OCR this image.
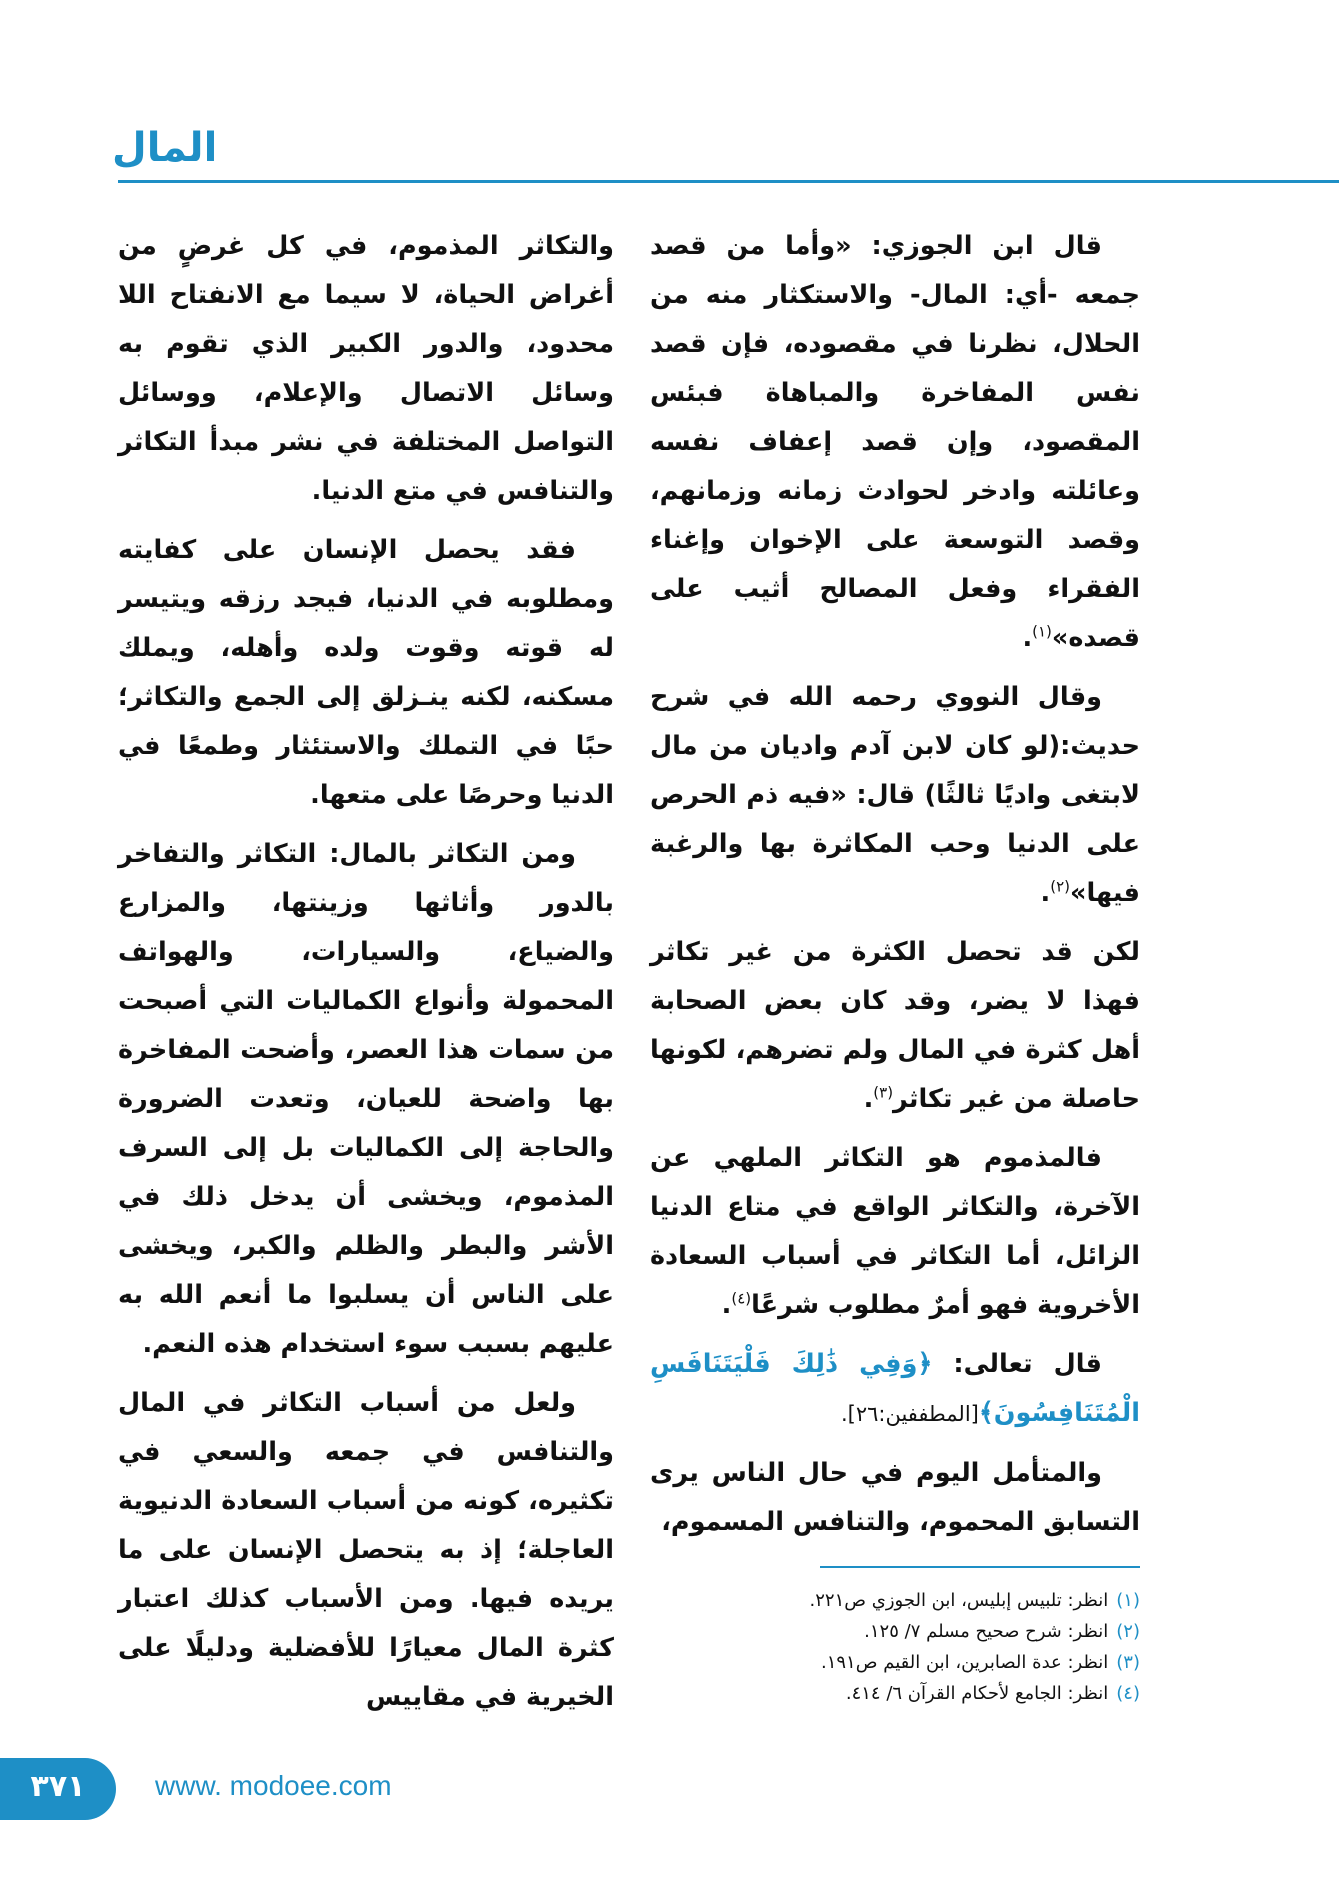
المال

قال ابن الجوزي: «وأما من قصد جمعه -أي: المال- والاستكثار منه من الحلال، نظرنا في مقصوده، فإن قصد نفس المفاخرة والمباهاة فبئس المقصود، وإن قصد إعفاف نفسه وعائلته وادخر لحوادث زمانه وزمانهم، وقصد التوسعة على الإخوان وإغناء الفقراء وفعل المصالح أثيب على قصده»$^{(١)}$.

وقال النووي رحمه الله في شرح حديث:(لو كان لابن آدم واديان من مال لابتغى واديًا ثالثًا) قال: «فيه ذم الحرص على الدنيا وحب المكاثرة بها والرغبة فيها»$^{(٢)}$.

لكن قد تحصل الكثرة من غير تكاثر فهذا لا يضر، وقد كان بعض الصحابة أهل كثرة في المال ولم تضرهم، لكونها حاصلة من غير تكاثر$^{(٣)}$.

فالمذموم هو التكاثر الملهي عن الآخرة، والتكاثر الواقع في متاع الدنيا الزائل، أما التكاثر في أسباب السعادة الأخروية فهو أمرٌ مطلوب شرعًا$^{(٤)}$.

قال تعالى: ﴿وَفِي ذَٰلِكَ فَلْيَتَنَافَسِ الْمُتَنَافِسُونَ﴾[المطففين:٢٦].

والمتأمل اليوم في حال الناس يرى التسابق المحموم، والتنافس المسموم،

والتكاثر المذموم، في كل غرضٍ من أغراض الحياة، لا سيما مع الانفتاح اللا محدود، والدور الكبير الذي تقوم به وسائل الاتصال والإعلام، ووسائل التواصل المختلفة في نشر مبدأ التكاثر والتنافس في متع الدنيا.

فقد يحصل الإنسان على كفايته ومطلوبه في الدنيا، فيجد رزقه ويتيسر له قوته وقوت ولده وأهله، ويملك مسكنه، لكنه ينـزلق إلى الجمع والتكاثر؛ حبًا في التملك والاستئثار وطمعًا في الدنيا وحرصًا على متعها.

ومن التكاثر بالمال: التكاثر والتفاخر بالدور وأثاثها وزينتها، والمزارع والضياع، والسيارات، والهواتف المحمولة وأنواع الكماليات التي أصبحت من سمات هذا العصر، وأضحت المفاخرة بها واضحة للعيان، وتعدت الضرورة والحاجة إلى الكماليات بل إلى السرف المذموم، ويخشى أن يدخل ذلك في الأشر والبطر والظلم والكبر، ويخشى على الناس أن يسلبوا ما أنعم الله به عليهم بسبب سوء استخدام هذه النعم.

ولعل من أسباب التكاثر في المال والتنافس في جمعه والسعي في تكثيره، كونه من أسباب السعادة الدنيوية العاجلة؛ إذ به يتحصل الإنسان على ما يريده فيها. ومن الأسباب كذلك اعتبار كثرة المال معيارًا للأفضلية ودليلًا على الخيرية في مقاييس

(١)انظر: تلبيس إبليس، ابن الجوزي ص٢٢١.
(٢)انظر: شرح صحيح مسلم ٧/ ١٢٥.
(٣)انظر: عدة الصابرين، ابن القيم ص١٩١.
(٤)انظر: الجامع لأحكام القرآن ٦/ ٤١٤.
٣٧١	www. modoee.com
